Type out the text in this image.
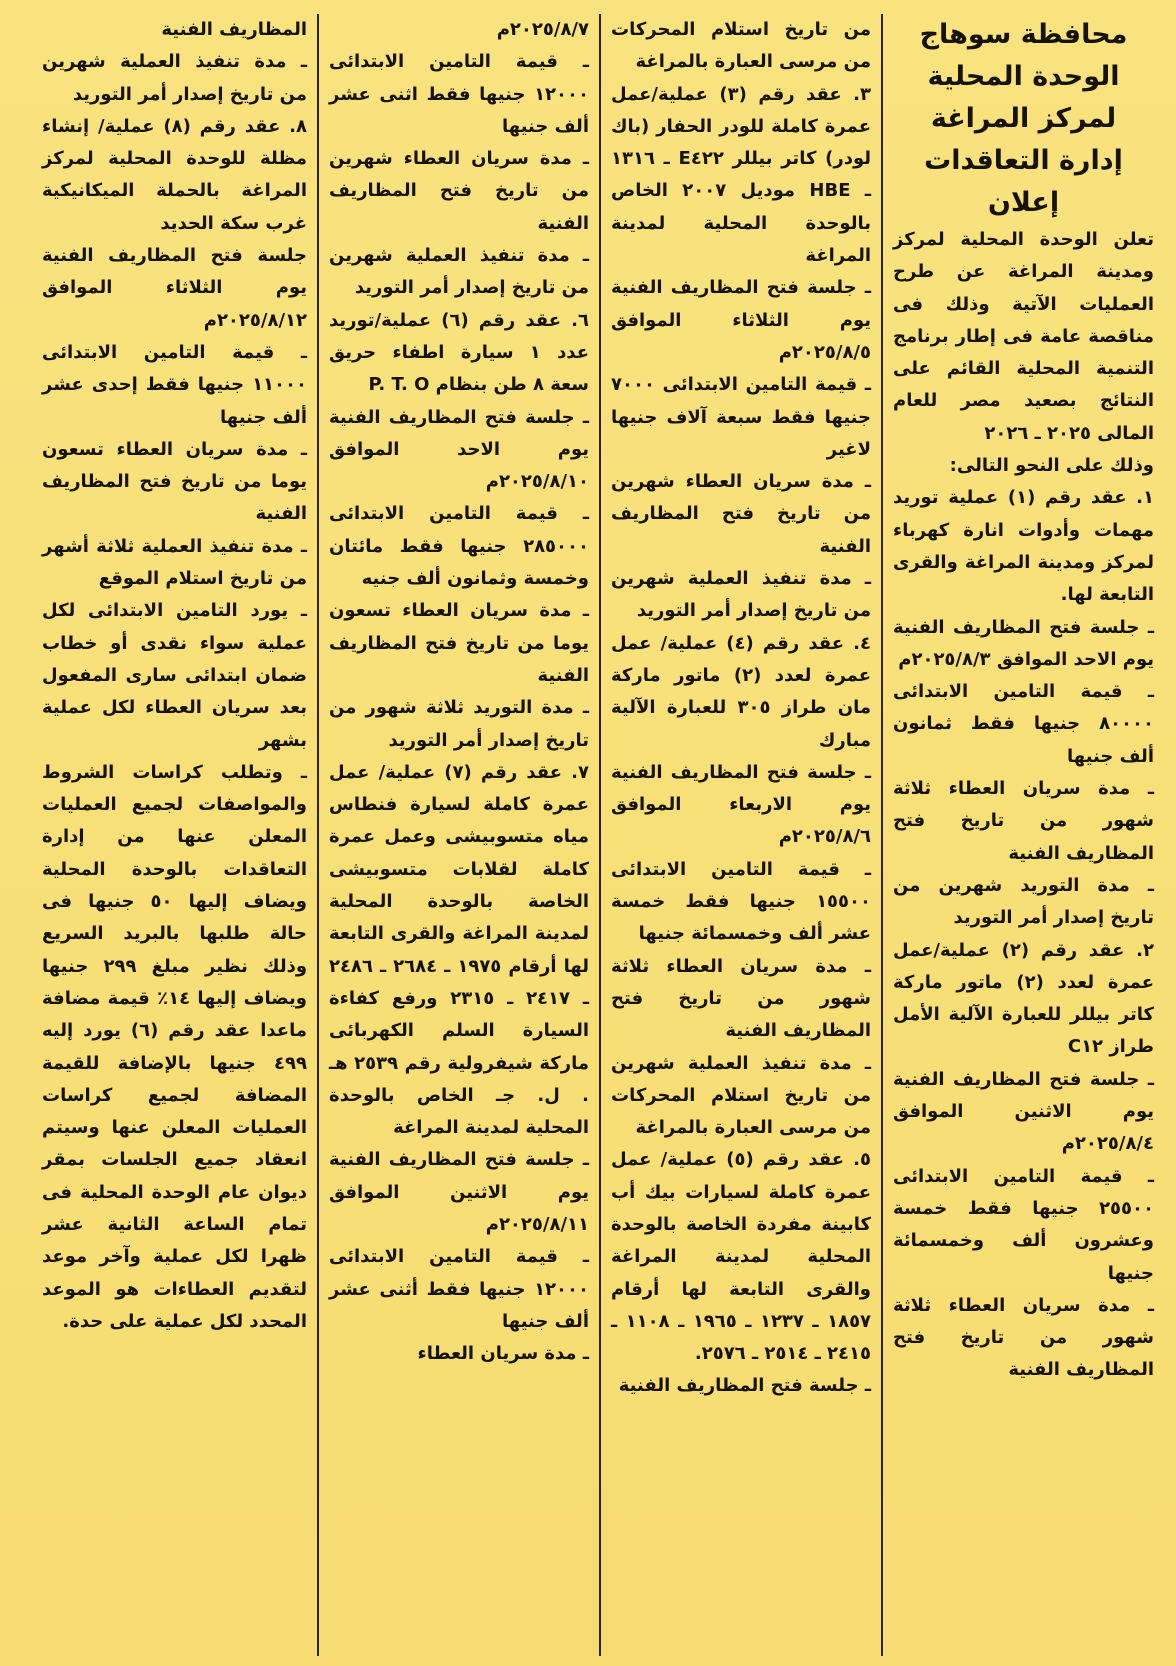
محافظة سوهاج

الوحدة المحلية

لمركز المراغة

إدارة التعاقدات

إعلان

تعلن الوحدة المحلية لمركز ومدينة المراغة عن طرح العمليات الآتية وذلك فى مناقصة عامة فى إطار برنامج التنمية المحلية القائم على النتائج بصعيد مصر للعام المالى ٢٠٢٥ ـ ٢٠٢٦

وذلك على النحو التالى:

١. عقد رقم (١) عملية توريد مهمات وأدوات انارة كهرباء لمركز ومدينة المراغة والقرى التابعة لها.

ـ جلسة فتح المظاريف الفنية يوم الاحد الموافق ٢٠٢٥/٨/٣م

ـ قيمة التامين الابتدائى ٨٠٠٠٠ جنيها فقط ثمانون ألف جنيها

ـ مدة سريان العطاء ثلاثة شهور من تاريخ فتح المظاريف الفنية

ـ مدة التوريد شهرين من تاريخ إصدار أمر التوريد

٢. عقد رقم (٢) عملية/عمل عمرة لعدد (٢) ماتور ماركة كاتر بيللر للعبارة الآلية الأمل طراز C١٢

ـ جلسة فتح المظاريف الفنية يوم الاثنين الموافق ٢٠٢٥/٨/٤م

ـ قيمة التامين الابتدائى ٢٥٥٠٠ جنيها فقط خمسة وعشرون ألف وخمسمائة جنيها

ـ مدة سريان العطاء ثلاثة شهور من تاريخ فتح المظاريف الفنية

من تاريخ استلام المحركات من مرسى العبارة بالمراغة

٣. عقد رقم (٣) عملية/عمل عمرة كاملة للودر الحفار (باك لودر) كاتر بيللر E٤٢٢ ـ ١٣١٦ ـ HBE موديل ٢٠٠٧ الخاص بالوحدة المحلية لمدينة المراغة

ـ جلسة فتح المظاريف الفنية يوم الثلاثاء الموافق ٢٠٢٥/٨/٥م

ـ قيمة التامين الابتدائى ٧٠٠٠ جنيها فقط سبعة آلاف جنيها لاغير

ـ مدة سريان العطاء شهرين من تاريخ فتح المظاريف الفنية

ـ مدة تنفيذ العملية شهرين من تاريخ إصدار أمر التوريد

٤. عقد رقم (٤) عملية/ عمل عمرة لعدد (٢) ماتور ماركة مان طراز ٣٠٥ للعبارة الآلية مبارك

ـ جلسة فتح المظاريف الفنية يوم الاربعاء الموافق ٢٠٢٥/٨/٦م

ـ قيمة التامين الابتدائى ١٥٥٠٠ جنيها فقط خمسة عشر ألف وخمسمائة جنيها

ـ مدة سريان العطاء ثلاثة شهور من تاريخ فتح المظاريف الفنية

ـ مدة تنفيذ العملية شهرين من تاريخ استلام المحركات من مرسى العبارة بالمراغة

٥. عقد رقم (٥) عملية/ عمل عمرة كاملة لسيارات بيك أب كابينة مفردة الخاصة بالوحدة المحلية لمدينة المراغة والقرى التابعة لها أرقام ١٨٥٧ ـ ١٢٣٧ ـ ١٩٦٥ ـ ١١٠٨ ـ ٢٤١٥ ـ ٢٥١٤ ـ ٢٥٧٦.

ـ جلسة فتح المظاريف الفنية

٢٠٢٥/٨/٧م

ـ قيمة التامين الابتدائى ١٢٠٠٠ جنيها فقط اثنى عشر ألف جنيها

ـ مدة سريان العطاء شهرين من تاريخ فتح المظاريف الفنية

ـ مدة تنفيذ العملية شهرين من تاريخ إصدار أمر التوريد

٦. عقد رقم (٦) عملية/توريد عدد ١ سيارة اطفاء حريق سعة ٨ طن بنظام P. T. O

ـ جلسة فتح المظاريف الفنية يوم الاحد الموافق ٢٠٢٥/٨/١٠م

ـ قيمة التامين الابتدائى ٢٨٥٠٠٠ جنيها فقط مائتان وخمسة وثمانون ألف جنيه

ـ مدة سريان العطاء تسعون يوما من تاريخ فتح المظاريف الفنية

ـ مدة التوريد ثلاثة شهور من تاريخ إصدار أمر التوريد

٧. عقد رقم (٧) عملية/ عمل عمرة كاملة لسيارة فنطاس مياه متسوبيشى وعمل عمرة كاملة لقلابات متسوبيشى الخاصة بالوحدة المحلية لمدينة المراغة والقرى التابعة لها أرقام ١٩٧٥ ـ ٢٦٨٤ ـ ٢٤٨٦ ـ ٢٤١٧ ـ ٢٣١٥ ورفع كفاءة السيارة السلم الكهربائى ماركة شيفرولية رقم ٢٥٣٩ هـ . ل. جـ الخاص بالوحدة المحلية لمدينة المراغة

ـ جلسة فتح المظاريف الفنية يوم الاثنين الموافق ٢٠٢٥/٨/١١م

ـ قيمة التامين الابتدائى ١٢٠٠٠ جنيها فقط أثنى عشر ألف جنيها

ـ مدة سريان العطاء

المظاريف الفنية

ـ مدة تنفيذ العملية شهرين من تاريخ إصدار أمر التوريد

٨. عقد رقم (٨) عملية/ إنشاء مظلة للوحدة المحلية لمركز المراغة بالحملة الميكانيكية غرب سكة الحديد

جلسة فتح المظاريف الفنية يوم الثلاثاء الموافق ٢٠٢٥/٨/١٢م

ـ قيمة التامين الابتدائى ١١٠٠٠ جنيها فقط إحدى عشر ألف جنيها

ـ مدة سريان العطاء تسعون يوما من تاريخ فتح المظاريف الفنية

ـ مدة تنفيذ العملية ثلاثة أشهر من تاريخ استلام الموقع

ـ يورد التامين الابتدائى لكل عملية سواء نقدى أو خطاب ضمان ابتدائى سارى المفعول بعد سريان العطاء لكل عملية بشهر

ـ وتطلب كراسات الشروط والمواصفات لجميع العمليات المعلن عنها من إدارة التعاقدات بالوحدة المحلية ويضاف إليها ٥٠ جنيها فى حالة طلبها بالبريد السريع وذلك نظير مبلغ ٢٩٩ جنيها ويضاف إليها ١٤٪ قيمة مضافة ماعدا عقد رقم (٦) يورد إليه ٤٩٩ جنيها بالإضافة للقيمة المضافة لجميع كراسات العمليات المعلن عنها وسيتم انعقاد جميع الجلسات بمقر ديوان عام الوحدة المحلية فى تمام الساعة الثانية عشر ظهرا لكل عملية وآخر موعد لتقديم العطاءات هو الموعد المحدد لكل عملية على حدة.
